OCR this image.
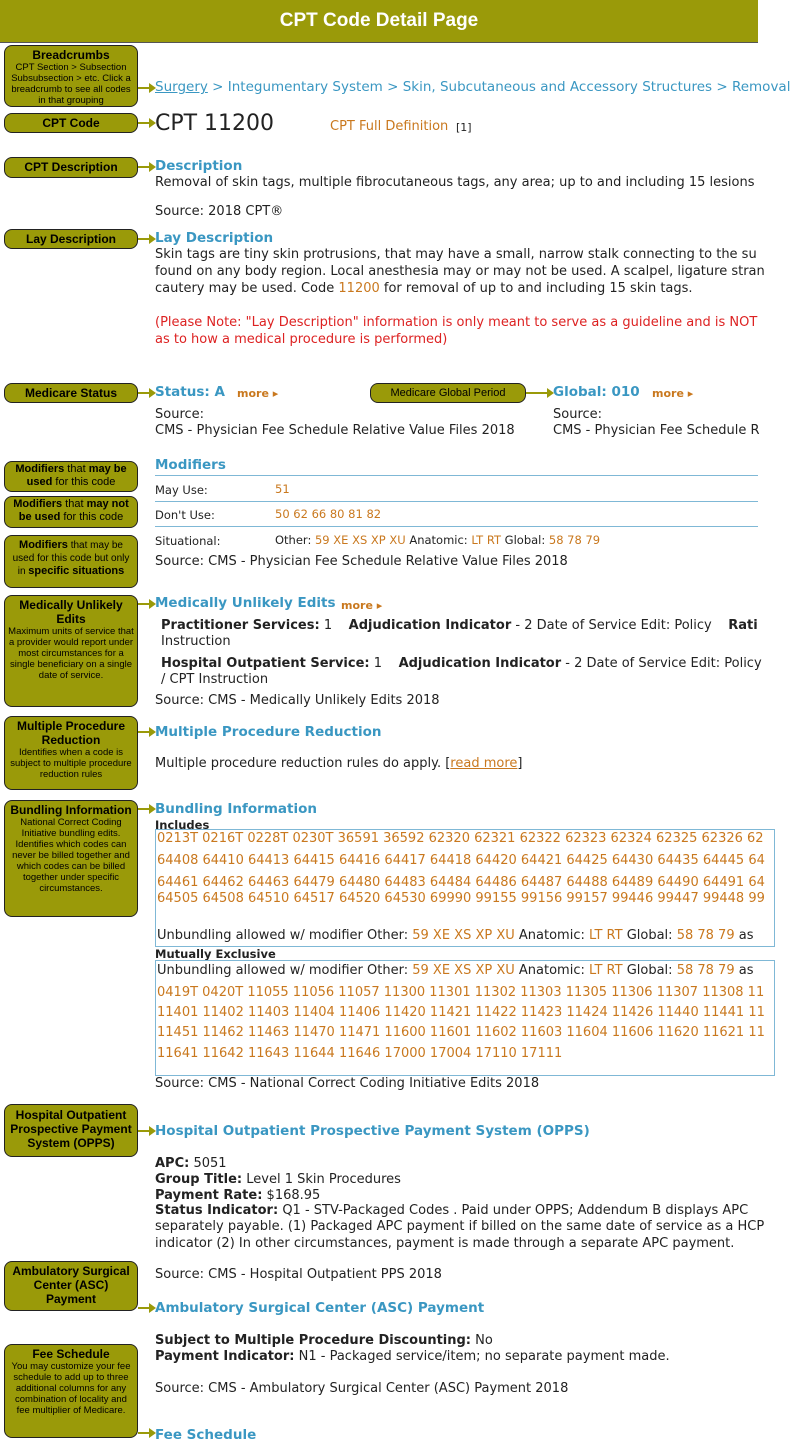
CPT Code Detail Page
Breadcrumbs
CPT Section > Subsection Subsubsection > etc. Click a breadcrumb to see all codes in that grouping
CPT Code
CPT Description
Lay Description
Medicare Status	Medicare Global Period
Modifiers that may be used for this code
Modifiers that may not be used for this code
Modifiers that may be used for this code but only in specific situations
Medically Unlikely Edits
Maximum units of service that a provider would report under most circumstances for a single beneficiary on a single date of service.
Multiple Procedure Reduction
Identifies when a code is subject to multiple procedure reduction rules
Bundling Information
National Correct Coding Initiative bundling edits. Identifies which codes can never be billed together and which codes can be billed together under specific circumstances.
Hospital Outpatient Prospective Payment System (OPPS)
Ambulatory Surgical Center (ASC) Payment
Fee Schedule
You may customize your fee schedule to add up to three additional columns for any combination of locality and fee multiplier of Medicare.
Surgery > Integumentary System > Skin, Subcutaneous and Accessory Structures > Removal
CPT 11200	CPT Full Definition [1]
Description
Removal of skin tags, multiple fibrocutaneous tags, any area; up to and including 15 lesions
Source: 2018 CPT®
Lay Description
Skin tags are tiny skin protrusions, that may have a small, narrow stalk connecting to the su
found on any body region. Local anesthesia may or may not be used. A scalpel, ligature stran
cautery may be used. Code 11200 for removal of up to and including 15 skin tags.
(Please Note: "Lay Description" information is only meant to serve as a guideline and is NOT
as to how a medical procedure is performed)
Status: A more ▸
Source:
CMS - Physician Fee Schedule Relative Value Files 2018
Global: 010 more ▸
Source:
CMS - Physician Fee Schedule R
Modifiers
May Use:	51
Don't Use:	50 62 66 80 81 82
Situational:	Other: 59 XE XS XP XU Anatomic: LT RT Global: 58 78 79
Source: CMS - Physician Fee Schedule Relative Value Files 2018
Medically Unlikely Edits more ▸
Practitioner Services: 1 Adjudication Indicator - 2 Date of Service Edit: Policy Rati
Instruction
Hospital Outpatient Service: 1 Adjudication Indicator - 2 Date of Service Edit: Policy
/ CPT Instruction
Source: CMS - Medically Unlikely Edits 2018
Multiple Procedure Reduction
Multiple procedure reduction rules do apply. [read more]
Bundling Information
Includes
0213T 0216T 0228T 0230T 36591 36592 62320 62321 62322 62323 62324 62325 62326 62
64408 64410 64413 64415 64416 64417 64418 64420 64421 64425 64430 64435 64445 64
64461 64462 64463 64479 64480 64483 64484 64486 64487 64488 64489 64490 64491 64
64505 64508 64510 64517 64520 64530 69990 99155 99156 99157 99446 99447 99448 99
Unbundling allowed w/ modifier Other: 59 XE XS XP XU Anatomic: LT RT Global: 58 78 79 as
Mutually Exclusive
Unbundling allowed w/ modifier Other: 59 XE XS XP XU Anatomic: LT RT Global: 58 78 79 as
0419T 0420T 11055 11056 11057 11300 11301 11302 11303 11305 11306 11307 11308 11
11401 11402 11403 11404 11406 11420 11421 11422 11423 11424 11426 11440 11441 11
11451 11462 11463 11470 11471 11600 11601 11602 11603 11604 11606 11620 11621 11
11641 11642 11643 11644 11646 17000 17004 17110 17111
Source: CMS - National Correct Coding Initiative Edits 2018
Hospital Outpatient Prospective Payment System (OPPS)
APC: 5051
Group Title: Level 1 Skin Procedures
Payment Rate: $168.95
Status Indicator: Q1 - STV-Packaged Codes . Paid under OPPS; Addendum B displays APC
separately payable. (1) Packaged APC payment if billed on the same date of service as a HCP
indicator (2) In other circumstances, payment is made through a separate APC payment.
Source: CMS - Hospital Outpatient PPS 2018
Ambulatory Surgical Center (ASC) Payment
Subject to Multiple Procedure Discounting: No
Payment Indicator: N1 - Packaged service/item; no separate payment made.
Source: CMS - Ambulatory Surgical Center (ASC) Payment 2018
Fee Schedule
